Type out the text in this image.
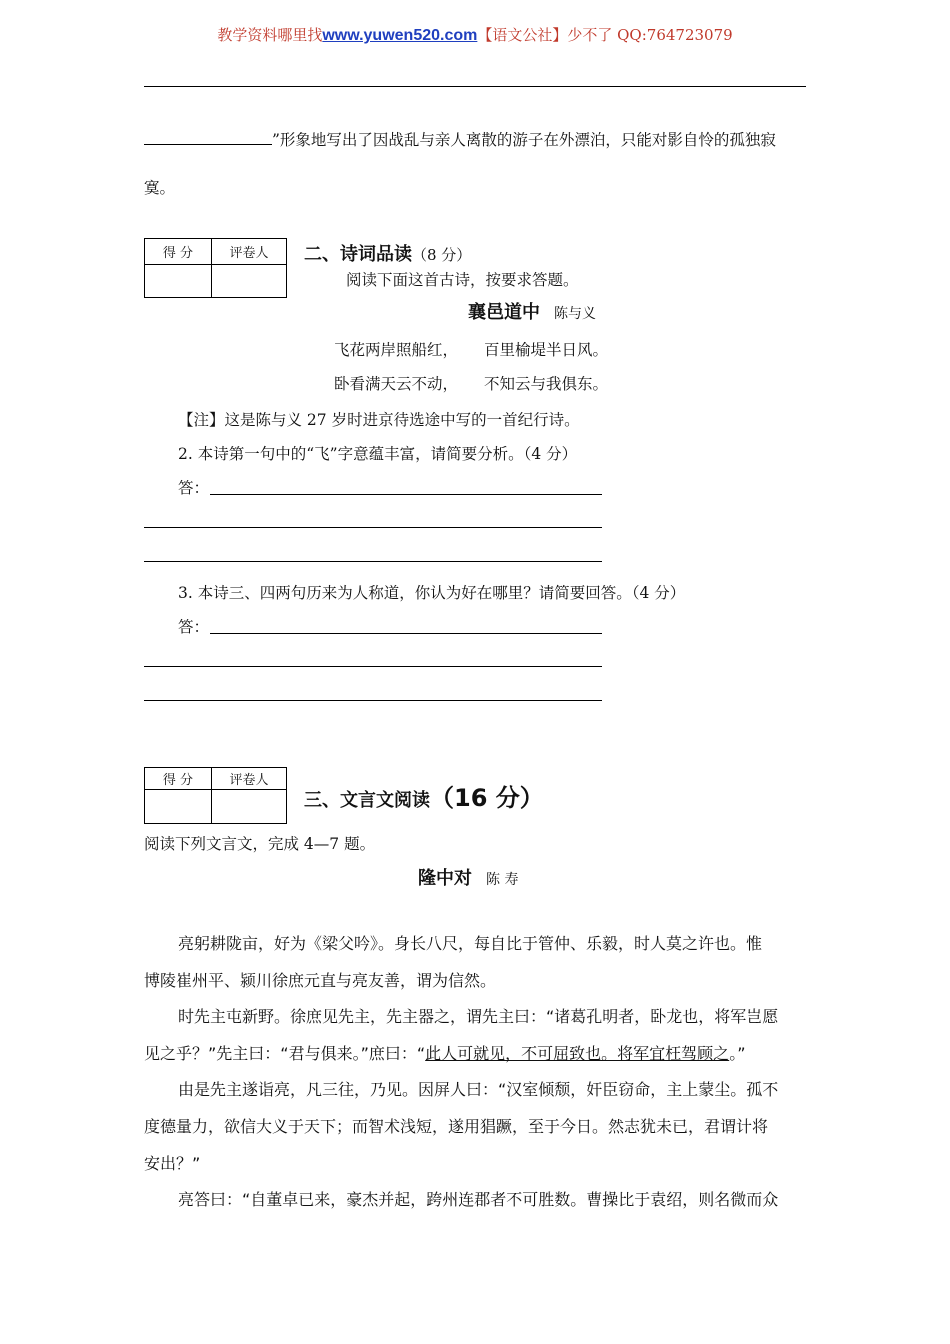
教学资料哪里找www.yuwen520.com【语文公社】少不了 QQ:764723079
”形象地写出了因战乱与亲人离散的游子在外漂泊，只能对影自怜的孤独寂
寞。
得 分	评卷人
	二、诗词品读（8 分）
阅读下面这首古诗，按要求答题。
襄邑道中 陈与义
飞花两岸照船红， 百里榆堤半日风。
卧看满天云不动， 不知云与我俱东。
【注】这是陈与义 27 岁时进京待选途中写的一首纪行诗。
2. 本诗第一句中的“飞”字意蕴丰富，请简要分析。（4 分）
答：
3. 本诗三、四两句历来为人称道，你认为好在哪里？请简要回答。（4 分）
答：
得 分	评卷人

三、文言文阅读（16 分）
阅读下列文言文，完成 4—7 题。
隆中对 陈 寿
亮躬耕陇亩，好为《梁父吟》。身长八尺，每自比于管仲、乐毅，时人莫之许也。惟
博陵崔州平、颍川徐庶元直与亮友善，谓为信然。
时先主屯新野。徐庶见先主，先主器之，谓先主曰：“诸葛孔明者，卧龙也，将军岂愿
见之乎？”先主曰：“君与俱来。”庶曰：“此人可就见，不可屈致也。将军宜枉驾顾之。”
由是先主遂诣亮，凡三往，乃见。因屏人曰：“汉室倾颓，奸臣窃命，主上蒙尘。孤不
度德量力，欲信大义于天下；而智术浅短，遂用猖蹶，至于今日。然志犹未已，君谓计将
安出？”
亮答曰：“自董卓已来，豪杰并起，跨州连郡者不可胜数。曹操比于袁绍，则名微而众
